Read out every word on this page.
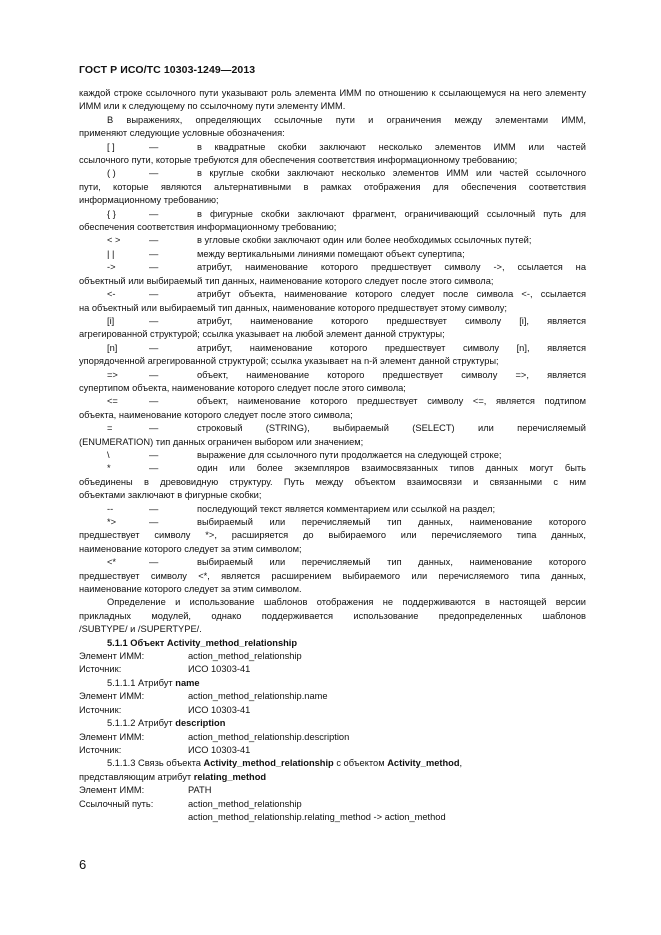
ГОСТ Р ИСО/ТС 10303-1249—2013

каждой строке ссылочного пути указывают роль элемента ИММ по отношению к ссылающемуся на него элементу ИММ или к следующему по ссылочному пути элементу ИММ.

В выражениях, определяющих ссылочные пути и ограничения между элементами ИММ,

применяют следующие условные обозначения:

[ ]	—	в квадратные скобки заключают несколько элементов ИММ или частей

ссылочного пути, которые требуются для обеспечения соответствия информационному требованию;

( )	—	в круглые скобки заключают несколько элементов ИММ или частей ссылочного

пути, которые являются альтернативными в рамках отображения для обеспечения соответствия

информационному требованию;

{ }	—	в фигурные скобки заключают фрагмент, ограничивающий ссылочный путь для

обеспечения соответствия информационному требованию;

< >	—	в угловые скобки заключают один или более необходимых ссылочных путей;
| |	—	между вертикальными линиями помещают объект супертипа;
->	—	атрибут, наименование которого предшествует символу ->, ссылается на

объектный или выбираемый тип данных, наименование которого следует после этого символа;

<-	—	атрибут объекта, наименование которого следует после символа <-, ссылается

на объектный или выбираемый тип данных, наименование которого предшествует этому символу;

[i]	—	атрибут, наименование которого предшествует символу [i], является

агрегированной структурой; ссылка указывает на любой элемент данной структуры;

[n]	—	атрибут, наименование которого предшествует символу [n], является

упорядоченной агрегированной структурой; ссылка указывает на n-й элемент данной структуры;

=>	—	объект, наименование которого предшествует символу =>, является

супертипом объекта, наименование которого следует после этого символа;

<=	—	объект, наименование которого предшествует символу <=, является подтипом

объекта, наименование которого следует после этого символа;

=	—	строковый (STRING), выбираемый (SELECT) или перечисляемый

(ENUMERATION) тип данных ограничен выбором или значением;

\	—	выражение для ссылочного пути продолжается на следующей строке;
*	—	один или более экземпляров взаимосвязанных типов данных могут быть

объединены в древовидную структуру. Путь между объектом взаимосвязи и связанными с ним

объектами заключают в фигурные скобки;

--	—	последующий текст является комментарием или ссылкой на раздел;
*>	—	выбираемый или перечисляемый тип данных, наименование которого

предшествует символу *>, расширяется до выбираемого или перечисляемого типа данных,

наименование которого следует за этим символом;

<*	—	выбираемый или перечисляемый тип данных, наименование которого

предшествует символу <*, является расширением выбираемого или перечисляемого типа данных,

наименование которого следует за этим символом.

Определение и использование шаблонов отображения не поддерживаются в настоящей версии

прикладных модулей, однако поддерживается использование предопределенных шаблонов

/SUBTYPE/ и /SUPERTYPE/.

5.1.1 Объект Activity_method_relationship

Элемент ИММ:	action_method_relationship
Источник:	ИСО 10303-41

5.1.1.1 Атрибут name

Элемент ИММ:	action_method_relationship.name
Источник:	ИСО 10303-41

5.1.1.2 Атрибут description

Элемент ИММ:	action_method_relationship.description
Источник:	ИСО 10303-41

5.1.1.3 Связь объекта Activity_method_relationship с объектом Activity_method,

представляющим атрибут relating_method

Элемент ИММ:	PATH
Ссылочный путь:	action_method_relationship
action_method_relationship.relating_method -> action_method
6
